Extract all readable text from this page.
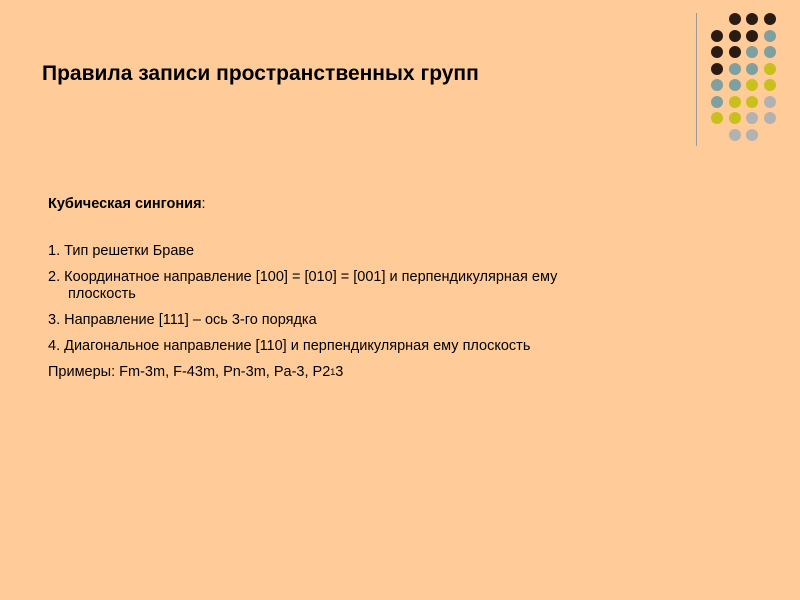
Правила записи пространственных групп
Кубическая сингония:
1. Тип решетки Браве
2. Координатное направление [100] = [010] = [001] и перпендикулярная ему
плоскость
3. Направление [111] – ось 3-го порядка
4. Диагональное направление [110] и перпендикулярная ему плоскость
Примеры: Fm-3m, F-43m, Pn-3m, Pa-3, P213
